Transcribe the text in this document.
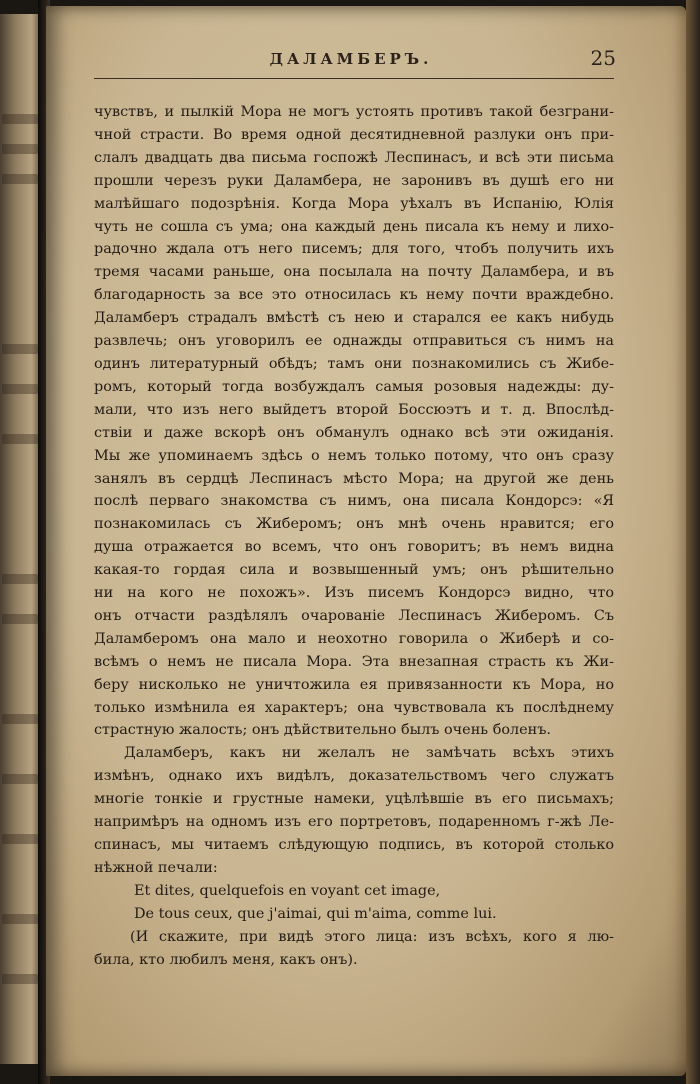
ДАЛАМБЕРЪ.	25
чувствъ, и пылкій Мора не могъ устоять противъ такой безграни-
чной страсти. Во время одной десятидневной разлуки онъ при-
слалъ двадцать два письма госпожѣ Леспинасъ, и всѣ эти письма
прошли черезъ руки Даламбера, не заронивъ въ душѣ его ни
малѣйшаго подозрѣнія. Когда Мора уѣхалъ въ Испанію, Юлія
чуть не сошла съ ума; она каждый день писала къ нему и лихо-
радочно ждала отъ него писемъ; для того, чтобъ получить ихъ
тремя часами раньше, она посылала на почту Даламбера, и въ
благодарность за все это относилась къ нему почти враждебно.
Даламберъ страдалъ вмѣстѣ съ нею и старался ее какъ нибудь
развлечь; онъ уговорилъ ее однажды отправиться съ нимъ на
одинъ литературный обѣдъ; тамъ они познакомились съ Жибе-
ромъ, который тогда возбуждалъ самыя розовыя надежды: ду-
мали, что изъ него выйдетъ второй Боссюэтъ и т. д. Впослѣд-
ствіи и даже вскорѣ онъ обманулъ однако всѣ эти ожиданія.
Мы же упоминаемъ здѣсь о немъ только потому, что онъ сразу
занялъ въ сердцѣ Леспинасъ мѣсто Мора; на другой же день
послѣ перваго знакомства съ нимъ, она писала Кондорсэ: «Я
познакомилась съ Жиберомъ; онъ мнѣ очень нравится; его
душа отражается во всемъ, что онъ говоритъ; въ немъ видна
какая-то гордая сила и возвышенный умъ; онъ рѣшительно
ни на кого не похожъ». Изъ писемъ Кондорсэ видно, что
онъ отчасти раздѣлялъ очарованіе Леспинасъ Жиберомъ. Съ
Даламберомъ она мало и неохотно говорила о Жиберѣ и со-
всѣмъ о немъ не писала Мора. Эта внезапная страсть къ Жи-
беру нисколько не уничтожила ея привязанности къ Мора, но
только измѣнила ея характеръ; она чувствовала къ послѣднему
страстную жалость; онъ дѣйствительно былъ очень боленъ.
Даламберъ, какъ ни желалъ не замѣчать всѣхъ этихъ
измѣнъ, однако ихъ видѣлъ, доказательствомъ чего служатъ
многіе тонкіе и грустные намеки, уцѣлѣвшіе въ его письмахъ;
напримѣръ на одномъ изъ его портретовъ, подаренномъ г-жѣ Ле-
спинасъ, мы читаемъ слѣдующую подпись, въ которой столько
нѣжной печали:
Et dites, quelquefois en voyant cet image,
De tous ceux, que j'aimai, qui m'aima, comme lui.
(И скажите, при видѣ этого лица: изъ всѣхъ, кого я лю-
била, кто любилъ меня, какъ онъ).
